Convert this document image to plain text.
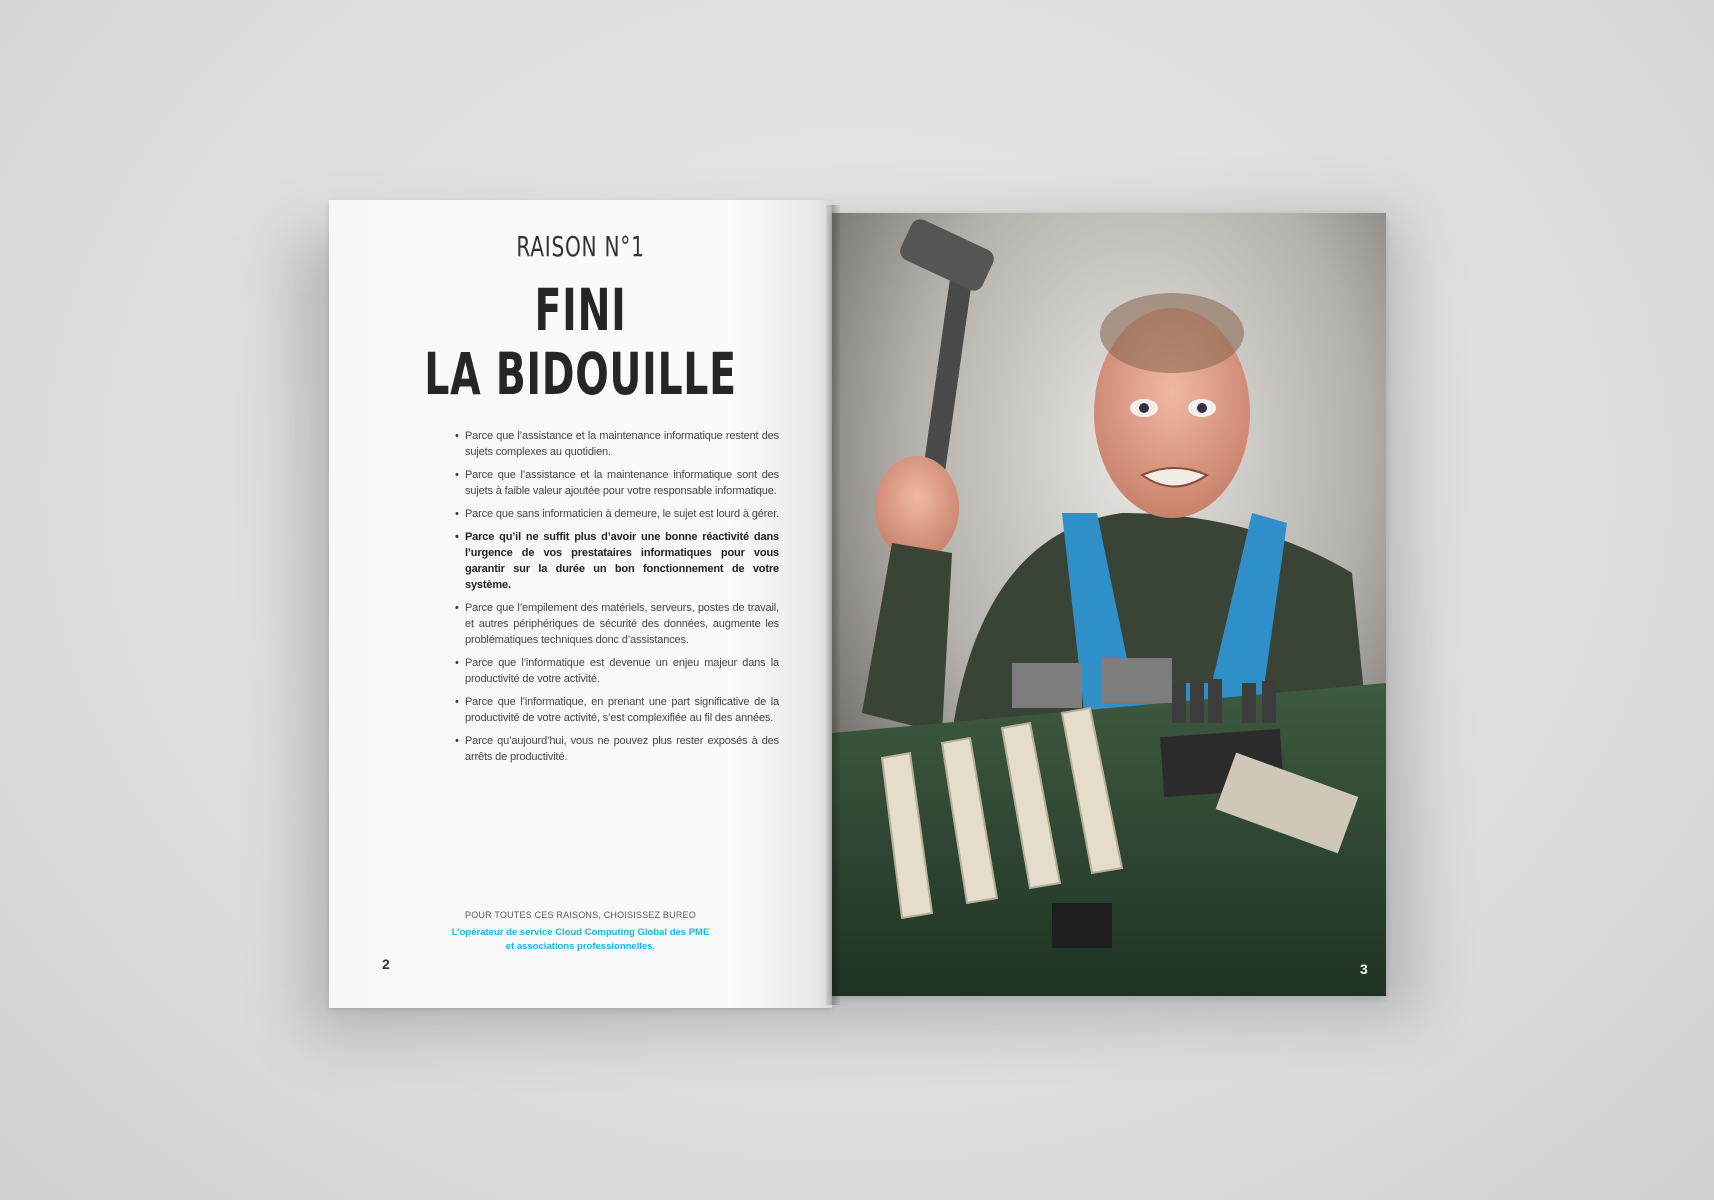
RAISON N°1
FINI
LA BIDOUILLE
• Parce que l’assistance et la maintenance informatique restent des sujets complexes au quotidien.
• Parce que l’assistance et la maintenance informatique sont des sujets à faible valeur ajoutée pour votre responsable informatique.
• Parce que sans informaticien à demeure, le sujet est lourd à gérer.
• Parce qu’il ne suffit plus d’avoir une bonne réactivité dans l’urgence de vos prestataires informatiques pour vous garantir sur la durée un bon fonctionnement de votre système.
• Parce que l’empilement des matériels, serveurs, postes de travail, et autres périphériques de sécurité des données, augmente les problématiques techniques donc d’assistances.
• Parce que l’informatique est devenue un enjeu majeur dans la productivité de votre activité.
• Parce que l’informatique, en prenant une part significative de la productivité de votre activité, s’est complexifiée au fil des années.
• Parce qu’aujourd’hui, vous ne pouvez plus rester exposés à des arrêts de productivité.
POUR TOUTES CES RAISONS, CHOISISSEZ BUREO
L’opérateur de service Cloud Computing Global des PME
et associations professionnelles.
2	3
